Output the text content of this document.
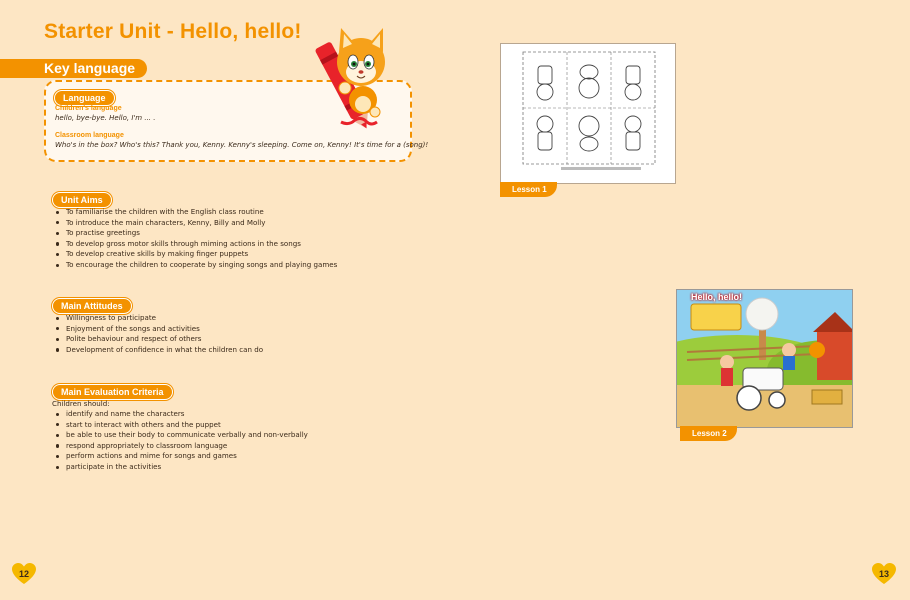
Starter Unit - Hello, hello!
Key language
Language
Children's language
hello, bye-bye. Hello, I'm ... .
Classroom language
Who's in the box? Who's this? Thank you, Kenny. Kenny's sleeping. Come on, Kenny! It's time for a (song)!
Unit Aims
To familiarise the children with the English class routine
To introduce the main characters, Kenny, Billy and Molly
To practise greetings
To develop gross motor skills through miming actions in the songs
To develop creative skills by making finger puppets
To encourage the children to cooperate by singing songs and playing games
Main Attitudes
Willingness to participate
Enjoyment of the songs and activities
Polite behaviour and respect of others
Development of confidence in what the children can do
Main Evaluation Criteria
Children should:
identify and name the characters
start to interact with others and the puppet
be able to use their body to communicate verbally and non-verbally
respond appropriately to classroom language
perform actions and mime for songs and games
participate in the activities
Lesson 1
Hello, hello!
Lesson 2
12	13
